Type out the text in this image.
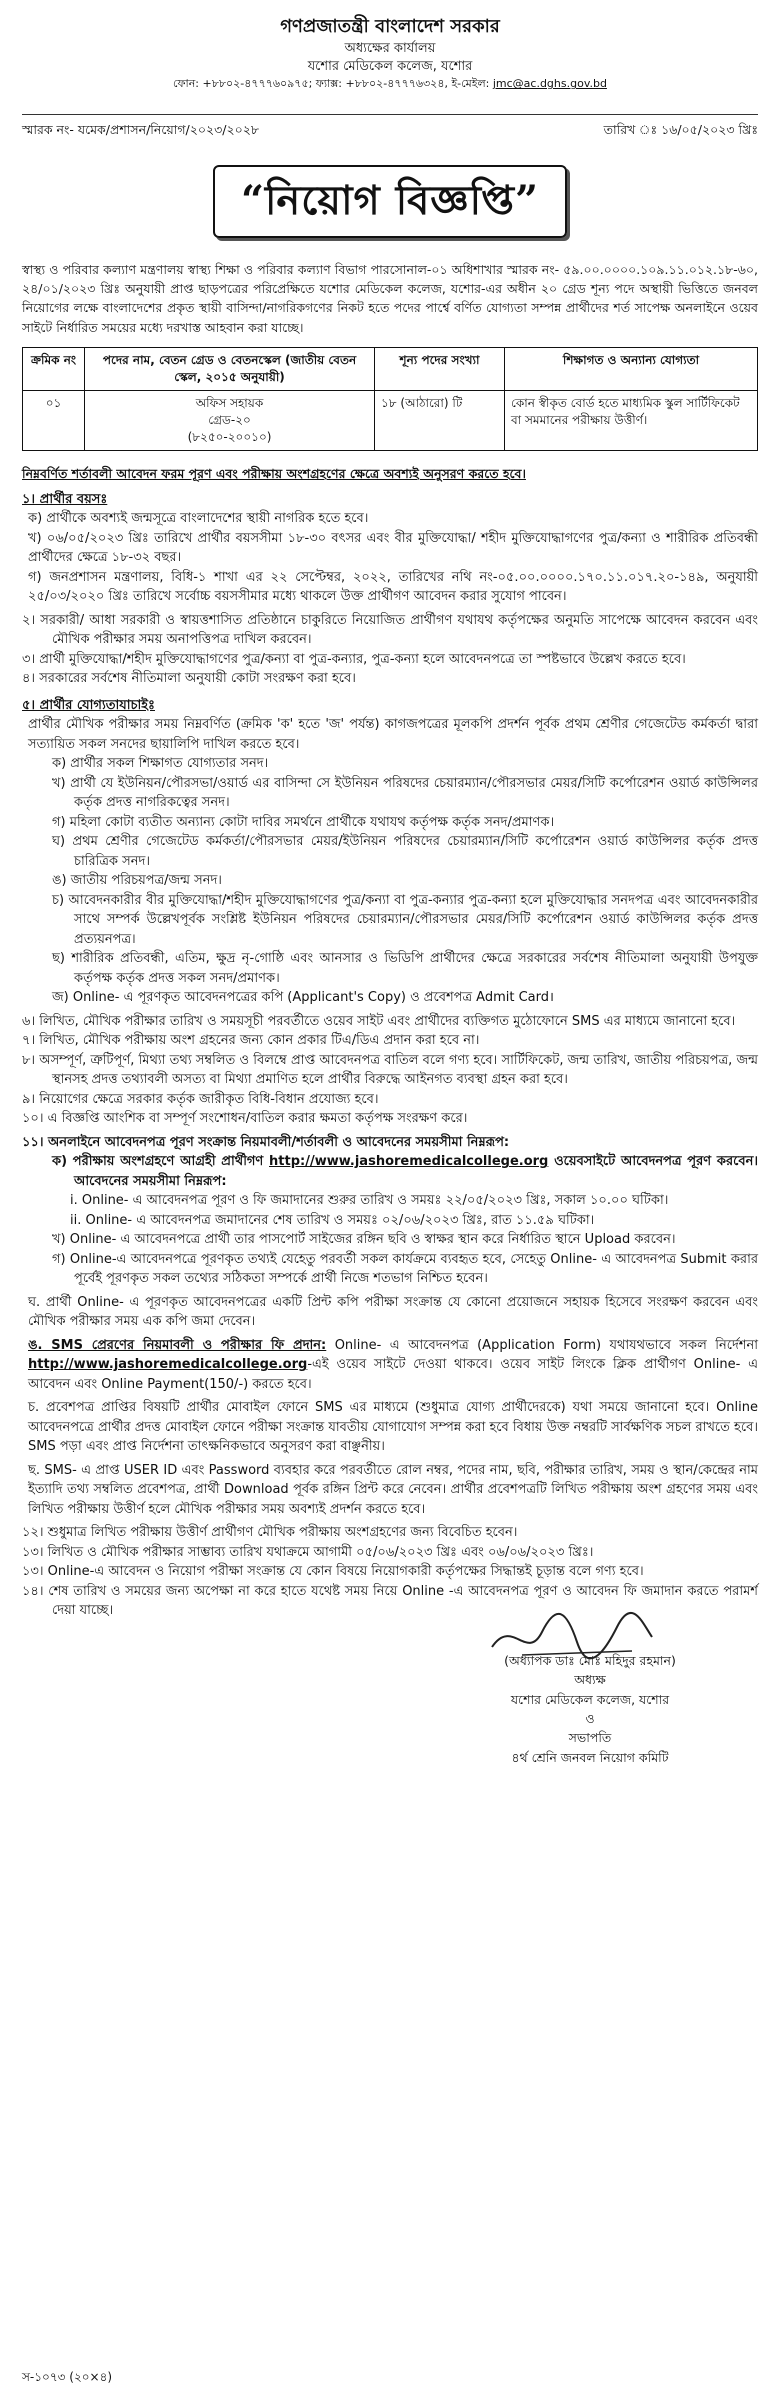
গণপ্রজাতন্ত্রী বাংলাদেশ সরকার
অধ্যক্ষের কার্যালয়
যশোর মেডিকেল কলেজ, যশোর
ফোন: +৮৮০২-৪৭৭৭৬০৯৭৫; ফ্যাক্স: +৮৮০২-৪৭৭৭৬৩২৪, ই-মেইল: jmc@ac.dghs.gov.bd
স্মারক নং- যমেক/প্রশাসন/নিয়োগ/২০২৩/২০২৮	তারিখ ঃ ১৬/০৫/২০২৩ খ্রিঃ
“নিয়োগ বিজ্ঞপ্তি”

স্বাস্থ্য ও পরিবার কল্যাণ মন্ত্রণালয় স্বাস্থ্য শিক্ষা ও পরিবার কল্যাণ বিভাগ পারসোনাল-০১ অধিশাখার স্মারক নং- ৫৯.০০.০০০০.১০৯.১১.০১২.১৮-৬০, ২৪/০১/২০২৩ খ্রিঃ অনুযায়ী প্রাপ্ত ছাড়পত্রের পরিপ্রেক্ষিতে যশোর মেডিকেল কলেজ, যশোর-এর অধীন ২০ গ্রেড শূন্য পদে অস্থায়ী ভিত্তিতে জনবল নিয়োগের লক্ষে বাংলাদেশের প্রকৃত স্থায়ী বাসিন্দা/নাগরিকগণের নিকট হতে পদের পার্শ্বে বর্ণিত যোগ্যতা সম্পন্ন প্রার্থীদের শর্ত সাপেক্ষ অনলাইনে ওয়েব সাইটে নির্ধারিত সময়ের মধ্যে দরখাস্ত আহবান করা যাচ্ছে।

ক্রমিক নং	পদের নাম, বেতন গ্রেড ও বেতনস্কেল (জাতীয় বেতন স্কেল, ২০১৫ অনুযায়ী)	শূন্য পদের সংখ্যা	শিক্ষাগত ও অন্যান্য যোগ্যতা
০১	অফিস সহায়ক
গ্রেড-২০
(৮২৫০-২০০১০)	১৮ (আঠারো) টি	কোন স্বীকৃত বোর্ড হতে মাধ্যমিক স্কুল সার্টিফিকেট বা সমমানের পরীক্ষায় উত্তীর্ণ।
নিম্নবর্ণিত শর্তাবলী আবেদন ফরম পূরণ এবং পরীক্ষায় অংশগ্রহণের ক্ষেত্রে অবশ্যই অনুসরণ করতে হবে।
১। প্রার্থীর বয়সঃ
ক) প্রার্থীকে অবশ্যই জন্মসূত্রে বাংলাদেশের স্থায়ী নাগরিক হতে হবে।
খ) ০৬/০৫/২০২৩ খ্রিঃ তারিখে প্রার্থীর বয়সসীমা ১৮-৩০ বৎসর এবং বীর মুক্তিযোদ্ধা/ শহীদ মুক্তিযোদ্ধাগণের পুত্র/কন্যা ও শারীরিক প্রতিবন্ধী প্রার্থীদের ক্ষেত্রে ১৮-৩২ বছর।
গ) জনপ্রশাসন মন্ত্রণালয়, বিধি-১ শাখা এর ২২ সেপ্টেম্বর, ২০২২, তারিখের নথি নং-০৫.০০.০০০০.১৭০.১১.০১৭.২০-১৪৯, অনুযায়ী ২৫/০৩/২০২০ খ্রিঃ তারিখে সর্বোচ্চ বয়সসীমার মধ্যে থাকলে উক্ত প্রার্থীগণ আবেদন করার সুযোগ পাবেন।
২। সরকারী/ আধা সরকারী ও স্বায়ত্তশাসিত প্রতিষ্ঠানে চাকুরিতে নিয়োজিত প্রার্থীগণ যথাযথ কর্তৃপক্ষের অনুমতি সাপেক্ষে আবেদন করবেন এবং মৌখিক পরীক্ষার সময় অনাপত্তিপত্র দাখিল করবেন।
৩। প্রার্থী মুক্তিযোদ্ধা/শহীদ মুক্তিযোদ্ধাগণের পুত্র/কন্যা বা পুত্র-কন্যার, পুত্র-কন্যা হলে আবেদনপত্রে তা স্পষ্টভাবে উল্লেখ করতে হবে।
৪। সরকারের সর্বশেষ নীতিমালা অনুযায়ী কোটা সংরক্ষণ করা হবে।
৫। প্রার্থীর যোগ্যতাযাচাইঃ
প্রার্থীর মৌখিক পরীক্ষার সময় নিম্নবর্ণিত (ক্রমিক 'ক' হতে 'জ' পর্যন্ত) কাগজপত্রের মূলকপি প্রদর্শন পূর্বক প্রথম শ্রেণীর গেজেটেড কর্মকর্তা দ্বারা সত্যায়িত সকল সনদের ছায়ালিপি দাখিল করতে হবে।
ক) প্রার্থীর সকল শিক্ষাগত যোগ্যতার সনদ।
খ) প্রার্থী যে ইউনিয়ন/পৌরসভা/ওয়ার্ড এর বাসিন্দা সে ইউনিয়ন পরিষদের চেয়ারম্যান/পৌরসভার মেয়র/সিটি কর্পোরেশন ওয়ার্ড কাউন্সিলর কর্তৃক প্রদত্ত নাগরিকত্বের সনদ।
গ) মহিলা কোটা ব্যতীত অন্যান্য কোটা দাবির সমর্থনে প্রার্থীকে যথাযথ কর্তৃপক্ষ কর্তৃক সনদ/প্রমাণক।
ঘ) প্রথম শ্রেণীর গেজেটেড কর্মকর্তা/পৌরসভার মেয়র/ইউনিয়ন পরিষদের চেয়ারম্যান/সিটি কর্পোরেশন ওয়ার্ড কাউন্সিলর কর্তৃক প্রদত্ত চারিত্রিক সনদ।
ঙ) জাতীয় পরিচয়পত্র/জন্ম সনদ।
চ) আবেদনকারীর বীর মুক্তিযোদ্ধা/শহীদ মুক্তিযোদ্ধাগণের পুত্র/কন্যা বা পুত্র-কন্যার পুত্র-কন্যা হলে মুক্তিযোদ্ধার সনদপত্র এবং আবেদনকারীর সাথে সম্পর্ক উল্লেখপূর্বক সংশ্লিষ্ট ইউনিয়ন পরিষদের চেয়ারম্যান/পৌরসভার মেয়র/সিটি কর্পোরেশন ওয়ার্ড কাউন্সিলর কর্তৃক প্রদত্ত প্রত্যয়নপত্র।
ছ) শারীরিক প্রতিবন্ধী, এতিম, ক্ষুদ্র নৃ-গোষ্ঠি এবং আনসার ও ভিডিপি প্রার্থীদের ক্ষেত্রে সরকারের সর্বশেষ নীতিমালা অনুযায়ী উপযুক্ত কর্তৃপক্ষ কর্তৃক প্রদত্ত সকল সনদ/প্রমাণক।
জ) Online- এ পূরণকৃত আবেদনপত্রের কপি (Applicant's Copy) ও প্রবেশপত্র Admit Card।
৬। লিখিত, মৌখিক পরীক্ষার তারিখ ও সময়সূচী পরবর্তীতে ওয়েব সাইট এবং প্রার্থীদের ব্যক্তিগত মুঠোফোনে SMS এর মাধ্যমে জানানো হবে।
৭। লিখিত, মৌখিক পরীক্ষায় অংশ গ্রহনের জন্য কোন প্রকার টিএ/ডিএ প্রদান করা হবে না।
৮। অসম্পূর্ণ, ত্রুটিপূর্ণ, মিথ্যা তথ্য সম্বলিত ও বিলম্বে প্রাপ্ত আবেদনপত্র বাতিল বলে গণ্য হবে। সার্টিফিকেট, জন্ম তারিখ, জাতীয় পরিচয়পত্র, জন্ম স্থানসহ প্রদত্ত তথ্যাবলী অসত্য বা মিথ্যা প্রমাণিত হলে প্রার্থীর বিরুদ্ধে আইনগত ব্যবস্থা গ্রহন করা হবে।
৯। নিয়োগের ক্ষেত্রে সরকার কর্তৃক জারীকৃত বিধি-বিধান প্রযোজ্য হবে।
১০। এ বিজ্ঞপ্তি আংশিক বা সম্পূর্ণ সংশোধন/বাতিল করার ক্ষমতা কর্তৃপক্ষ সংরক্ষণ করে।
১১। অনলাইনে আবেদনপত্র পূরণ সংক্রান্ত নিয়মাবলী/শর্তাবলী ও আবেদনের সময়সীমা নিম্নরূপ:
ক) পরীক্ষায় অংশগ্রহণে আগ্রহী প্রার্থীগণ http://www.jashoremedicalcollege.org ওয়েবসাইটে আবেদনপত্র পূরণ করবেন। আবেদনের সময়সীমা নিম্নরূপ:
i. Online- এ আবেদনপত্র পূরণ ও ফি জমাদানের শুরুর তারিখ ও সময়ঃ ২২/০৫/২০২৩ খ্রিঃ, সকাল ১০.০০ ঘটিকা।
ii. Online- এ আবেদনপত্র জমাদানের শেষ তারিখ ও সময়ঃ ০২/০৬/২০২৩ খ্রিঃ, রাত ১১.৫৯ ঘটিকা।
খ) Online- এ আবেদনপত্রে প্রার্থী তার পাসপোর্ট সাইজের রঙ্গিন ছবি ও স্বাক্ষর স্থান করে নির্ধারিত স্থানে Upload করবেন।
গ) Online-এ আবেদনপত্রে পূরণকৃত তথ্যই যেহেতু পরবর্তী সকল কার্যক্রমে ব্যবহৃত হবে, সেহেতু Online- এ আবেদনপত্র Submit করার পূর্বেই পূরণকৃত সকল তথ্যের সঠিকতা সম্পর্কে প্রার্থী নিজে শতভাগ নিশ্চিত হবেন।
ঘ. প্রার্থী Online- এ পূরণকৃত আবেদনপত্রের একটি প্রিন্ট কপি পরীক্ষা সংক্রান্ত যে কোনো প্রয়োজনে সহায়ক হিসেবে সংরক্ষণ করবেন এবং মৌখিক পরীক্ষার সময় এক কপি জমা দেবেন।
ঙ. SMS প্রেরণের নিয়মাবলী ও পরীক্ষার ফি প্রদান: Online- এ আবেদনপত্র (Application Form) যথাযথভাবে সকল নির্দেশনা http://www.jashoremedicalcollege.org-এই ওয়েব সাইটে দেওয়া থাকবে। ওয়েব সাইট লিংকে ক্লিক প্রার্থীগণ Online- এ আবেদন এবং Online Payment(150/-) করতে হবে।
চ. প্রবেশপত্র প্রাপ্তির বিষয়টি প্রার্থীর মোবাইল ফোনে SMS এর মাধ্যমে (শুধুমাত্র যোগ্য প্রার্থীদেরকে) যথা সময়ে জানানো হবে। Online আবেদনপত্রে প্রার্থীর প্রদত্ত মোবাইল ফোনে পরীক্ষা সংক্রান্ত যাবতীয় যোগাযোগ সম্পন্ন করা হবে বিধায় উক্ত নম্বরটি সার্বক্ষণিক সচল রাখতে হবে। SMS পড়া এবং প্রাপ্ত নির্দেশনা তাৎক্ষনিকভাবে অনুসরণ করা বাঞ্ছনীয়।
ছ. SMS- এ প্রাপ্ত USER ID এবং Password ব্যবহার করে পরবর্তীতে রোল নম্বর, পদের নাম, ছবি, পরীক্ষার তারিখ, সময় ও স্থান/কেন্দ্রের নাম ইত্যাদি তথ্য সম্বলিত প্রবেশপত্র, প্রার্থী Download পূর্বক রঙ্গিন প্রিন্ট করে নেবেন। প্রার্থীর প্রবেশপত্রটি লিখিত পরীক্ষায় অংশ গ্রহণের সময় এবং লিখিত পরীক্ষায় উত্তীর্ণ হলে মৌখিক পরীক্ষার সময় অবশ্যই প্রদর্শন করতে হবে।
১২। শুধুমাত্র লিখিত পরীক্ষায় উত্তীর্ণ প্রার্থীগণ মৌখিক পরীক্ষায় অংশগ্রহণের জন্য বিবেচিত হবেন।
১৩। লিখিত ও মৌখিক পরীক্ষার সাম্ভাব্য তারিখ যথাক্রমে আগামী ০৫/০৬/২০২৩ খ্রিঃ এবং ০৬/০৬/২০২৩ খ্রিঃ।
১৩। Online-এ আবেদন ও নিয়োগ পরীক্ষা সংক্রান্ত যে কোন বিষয়ে নিয়োগকারী কর্তৃপক্ষের সিদ্ধান্তই চূড়ান্ত বলে গণ্য হবে।
১৪। শেষ তারিখ ও সময়ের জন্য অপেক্ষা না করে হাতে যথেষ্ট সময় নিয়ে Online -এ আবেদনপত্র পূরণ ও আবেদন ফি জমাদান করতে পরামর্শ দেয়া যাচ্ছে।
(অধ্যাপক ডাঃ মোঃ মহিদুর রহমান)
অধ্যক্ষ
যশোর মেডিকেল কলেজ, যশোর
ও
সভাপতি
৪র্থ শ্রেনি জনবল নিয়োগ কমিটি
স-১০৭৩ (২০×৪)
